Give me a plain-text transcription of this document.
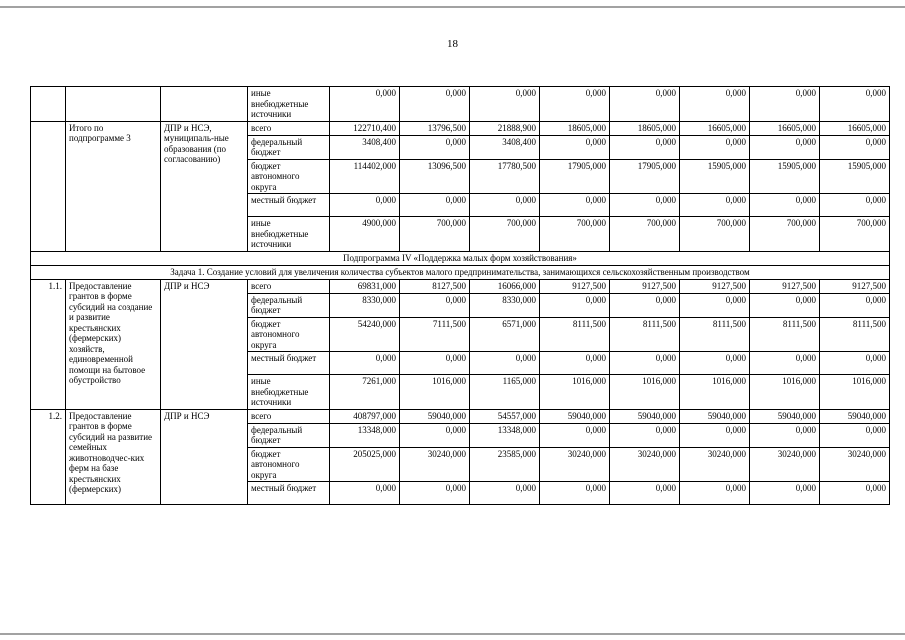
18
			иные внебюджетные источники	0,000	0,000	0,000	0,000	0,000	0,000	0,000	0,000
	Итого по подпрограмме 3	ДПР и НСЭ, муниципаль-ные образования (по согласованию)	всего	122710,400	13796,500	21888,900	18605,000	18605,000	16605,000	16605,000	16605,000
			федеральный бюджет	3408,400	0,000	3408,400	0,000	0,000	0,000	0,000	0,000
			бюджет автономного округа	114402,000	13096,500	17780,500	17905,000	17905,000	15905,000	15905,000	15905,000
			местный бюджет	0,000	0,000	0,000	0,000	0,000	0,000	0,000	0,000
			иные внебюджетные источники	4900,000	700,000	700,000	700,000	700,000	700,000	700,000	700,000
Подпрограмма IV «Поддержка малых форм хозяйствования»											
Задача 1. Создание условий для увеличения количества субъектов малого предпринимательства, занимающихся сельскохозяйственным производством											
1.1.	Предоставление грантов в форме субсидий на создание и развитие крестьянских (фермерских) хозяйств, единовременной помощи на бытовое обустройство	ДПР и НСЭ	всего	69831,000	8127,500	16066,000	9127,500	9127,500	9127,500	9127,500	9127,500
			федеральный бюджет	8330,000	0,000	8330,000	0,000	0,000	0,000	0,000	0,000
			бюджет автономного округа	54240,000	7111,500	6571,000	8111,500	8111,500	8111,500	8111,500	8111,500
			местный бюджет	0,000	0,000	0,000	0,000	0,000	0,000	0,000	0,000
			иные внебюджетные источники	7261,000	1016,000	1165,000	1016,000	1016,000	1016,000	1016,000	1016,000
1.2.	Предоставление грантов в форме субсидий на развитие семейных животноводчес-ких ферм на базе крестьянских (фермерских)	ДПР и НСЭ	всего	408797,000	59040,000	54557,000	59040,000	59040,000	59040,000	59040,000	59040,000
			федеральный бюджет	13348,000	0,000	13348,000	0,000	0,000	0,000	0,000	0,000
			бюджет автономного округа	205025,000	30240,000	23585,000	30240,000	30240,000	30240,000	30240,000	30240,000
			местный бюджет	0,000	0,000	0,000	0,000	0,000	0,000	0,000	0,000
